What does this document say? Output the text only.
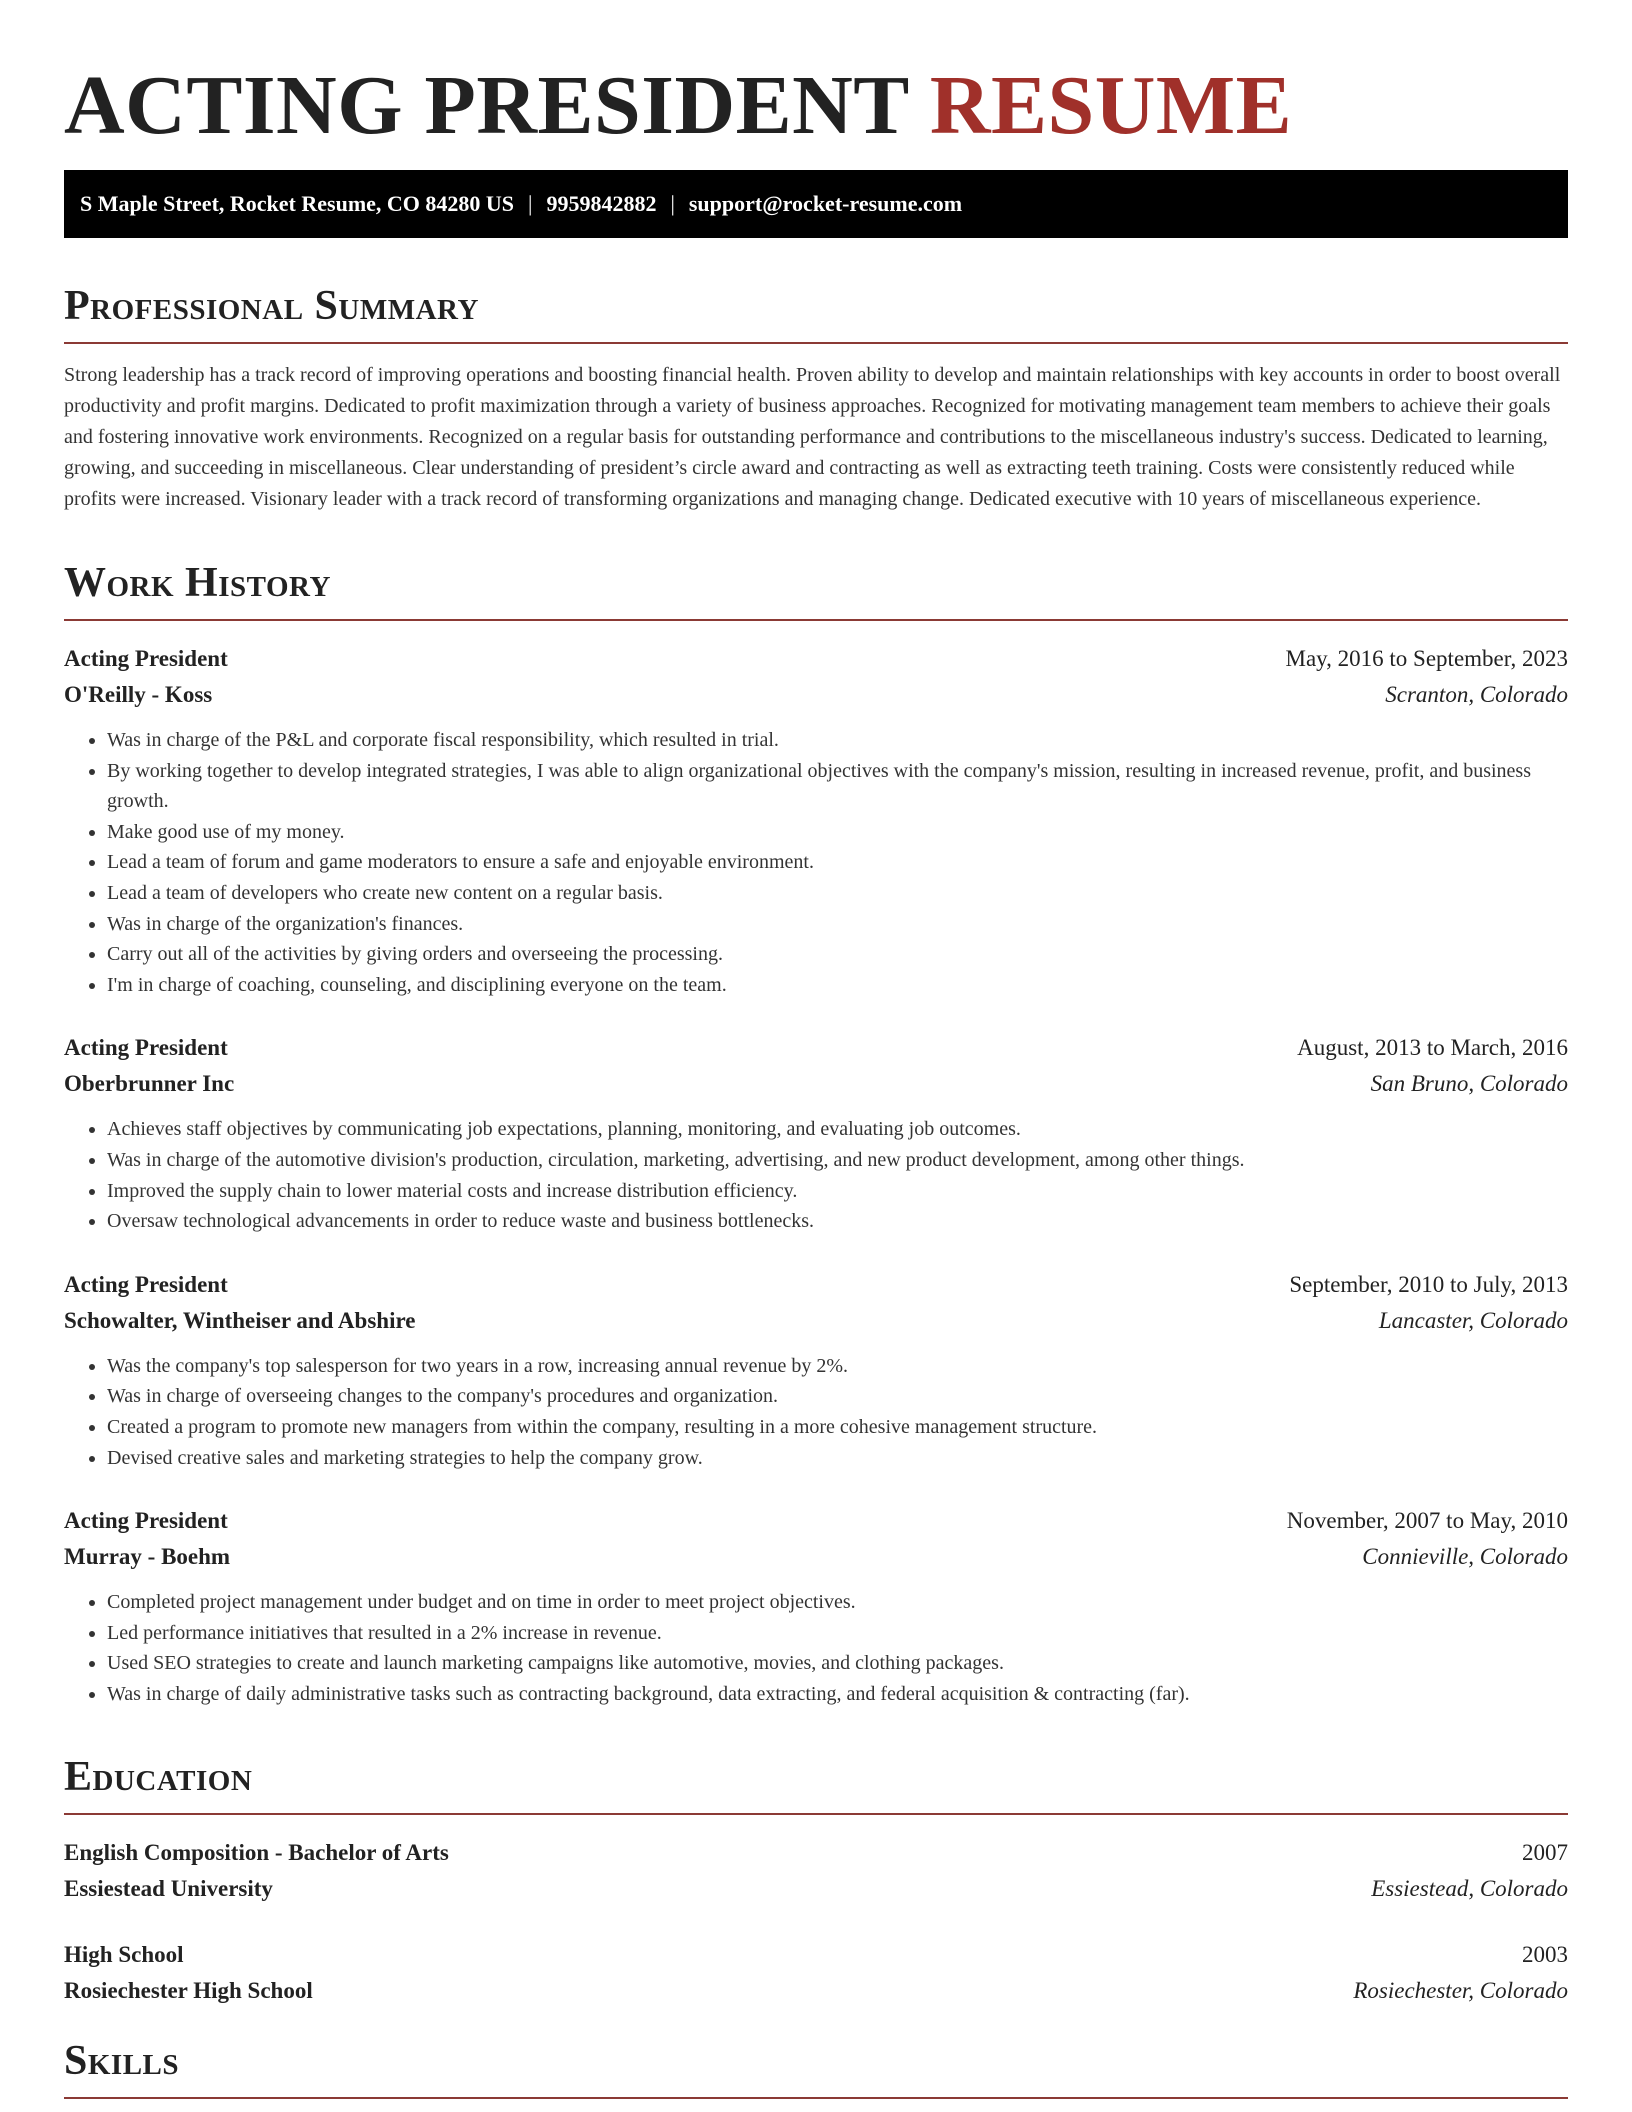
ACTING PRESIDENT RESUME
S Maple Street, Rocket Resume, CO 84280 US | 9959842882 | support@rocket-resume.com
Professional Summary

Strong leadership has a track record of improving operations and boosting financial health. Proven ability to develop and maintain relationships with key accounts in order to boost overall productivity and profit margins. Dedicated to profit maximization through a variety of business approaches. Recognized for motivating management team members to achieve their goals and fostering innovative work environments. Recognized on a regular basis for outstanding performance and contributions to the miscellaneous industry's success. Dedicated to learning, growing, and succeeding in miscellaneous. Clear understanding of president’s circle award and contracting as well as extracting teeth training. Costs were consistently reduced while profits were increased. Visionary leader with a track record of transforming organizations and managing change. Dedicated executive with 10 years of miscellaneous experience.

Work History
Acting President	May, 2016 to September, 2023
O'Reilly - Koss	Scranton, Colorado
• Was in charge of the P&L and corporate fiscal responsibility, which resulted in trial.
• By working together to develop integrated strategies, I was able to align organizational objectives with the company's mission, resulting in increased revenue, profit, and business growth.
• Make good use of my money.
• Lead a team of forum and game moderators to ensure a safe and enjoyable environment.
• Lead a team of developers who create new content on a regular basis.
• Was in charge of the organization's finances.
• Carry out all of the activities by giving orders and overseeing the processing.
• I'm in charge of coaching, counseling, and disciplining everyone on the team.
Acting President	August, 2013 to March, 2016
Oberbrunner Inc	San Bruno, Colorado
• Achieves staff objectives by communicating job expectations, planning, monitoring, and evaluating job outcomes.
• Was in charge of the automotive division's production, circulation, marketing, advertising, and new product development, among other things.
• Improved the supply chain to lower material costs and increase distribution efficiency.
• Oversaw technological advancements in order to reduce waste and business bottlenecks.
Acting President	September, 2010 to July, 2013
Schowalter, Wintheiser and Abshire	Lancaster, Colorado
• Was the company's top salesperson for two years in a row, increasing annual revenue by 2%.
• Was in charge of overseeing changes to the company's procedures and organization.
• Created a program to promote new managers from within the company, resulting in a more cohesive management structure.
• Devised creative sales and marketing strategies to help the company grow.
Acting President	November, 2007 to May, 2010
Murray - Boehm	Connieville, Colorado
• Completed project management under budget and on time in order to meet project objectives.
• Led performance initiatives that resulted in a 2% increase in revenue.
• Used SEO strategies to create and launch marketing campaigns like automotive, movies, and clothing packages.
• Was in charge of daily administrative tasks such as contracting background, data extracting, and federal acquisition & contracting (far).
Education
English Composition - Bachelor of Arts	2007
Essiestead University	Essiestead, Colorado
High School	2003
Rosiechester High School	Rosiechester, Colorado
Skills
